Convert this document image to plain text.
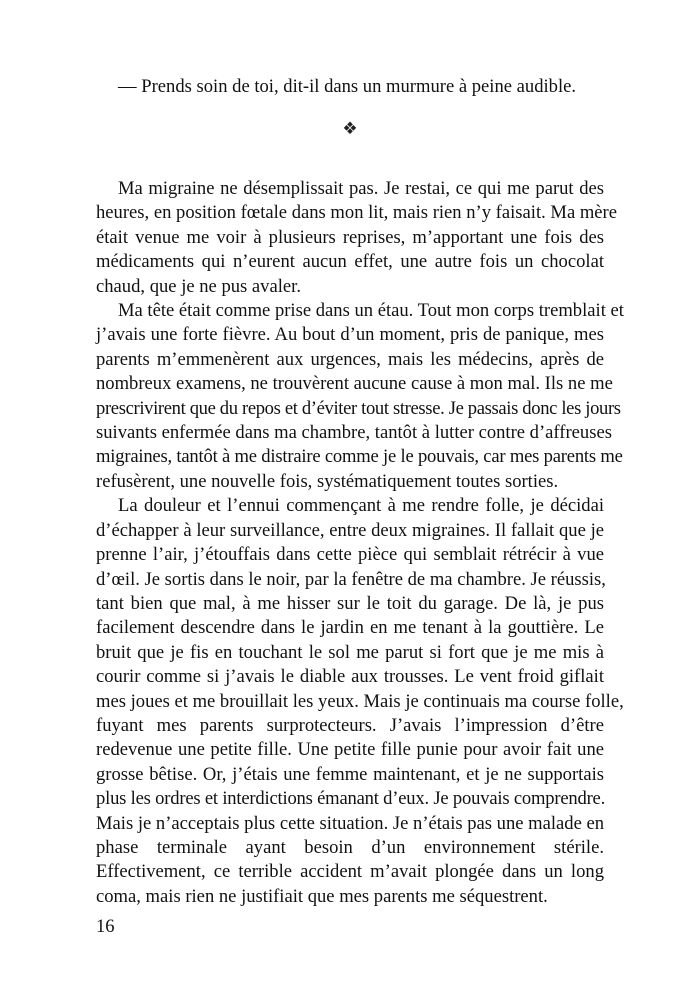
— Prends soin de toi, dit-il dans un murmure à peine audible.

❖

Ma migraine ne désemplissait pas. Je restai, ce qui me parut des
heures, en position fœtale dans mon lit, mais rien n’y faisait. Ma mère
était venue me voir à plusieurs reprises, m’apportant une fois des
médicaments qui n’eurent aucun effet, une autre fois un chocolat
chaud, que je ne pus avaler.

Ma tête était comme prise dans un étau. Tout mon corps tremblait et
j’avais une forte fièvre. Au bout d’un moment, pris de panique, mes
parents m’emmenèrent aux urgences, mais les médecins, après de
nombreux examens, ne trouvèrent aucune cause à mon mal. Ils ne me
prescrivirent que du repos et d’éviter tout stresse. Je passais donc les jours
suivants enfermée dans ma chambre, tantôt à lutter contre d’affreuses
migraines, tantôt à me distraire comme je le pouvais, car mes parents me
refusèrent, une nouvelle fois, systématiquement toutes sorties.

La douleur et l’ennui commençant à me rendre folle, je décidai
d’échapper à leur surveillance, entre deux migraines. Il fallait que je
prenne l’air, j’étouffais dans cette pièce qui semblait rétrécir à vue
d’œil. Je sortis dans le noir, par la fenêtre de ma chambre. Je réussis,
tant bien que mal, à me hisser sur le toit du garage. De là, je pus
facilement descendre dans le jardin en me tenant à la gouttière. Le
bruit que je fis en touchant le sol me parut si fort que je me mis à
courir comme si j’avais le diable aux trousses. Le vent froid giflait
mes joues et me brouillait les yeux. Mais je continuais ma course folle,
fuyant mes parents surprotecteurs. J’avais l’impression d’être
redevenue une petite fille. Une petite fille punie pour avoir fait une
grosse bêtise. Or, j’étais une femme maintenant, et je ne supportais
plus les ordres et interdictions émanant d’eux. Je pouvais comprendre.
Mais je n’acceptais plus cette situation. Je n’étais pas une malade en
phase terminale ayant besoin d’un environnement stérile.
Effectivement, ce terrible accident m’avait plongée dans un long
coma, mais rien ne justifiait que mes parents me séquestrent.

16
